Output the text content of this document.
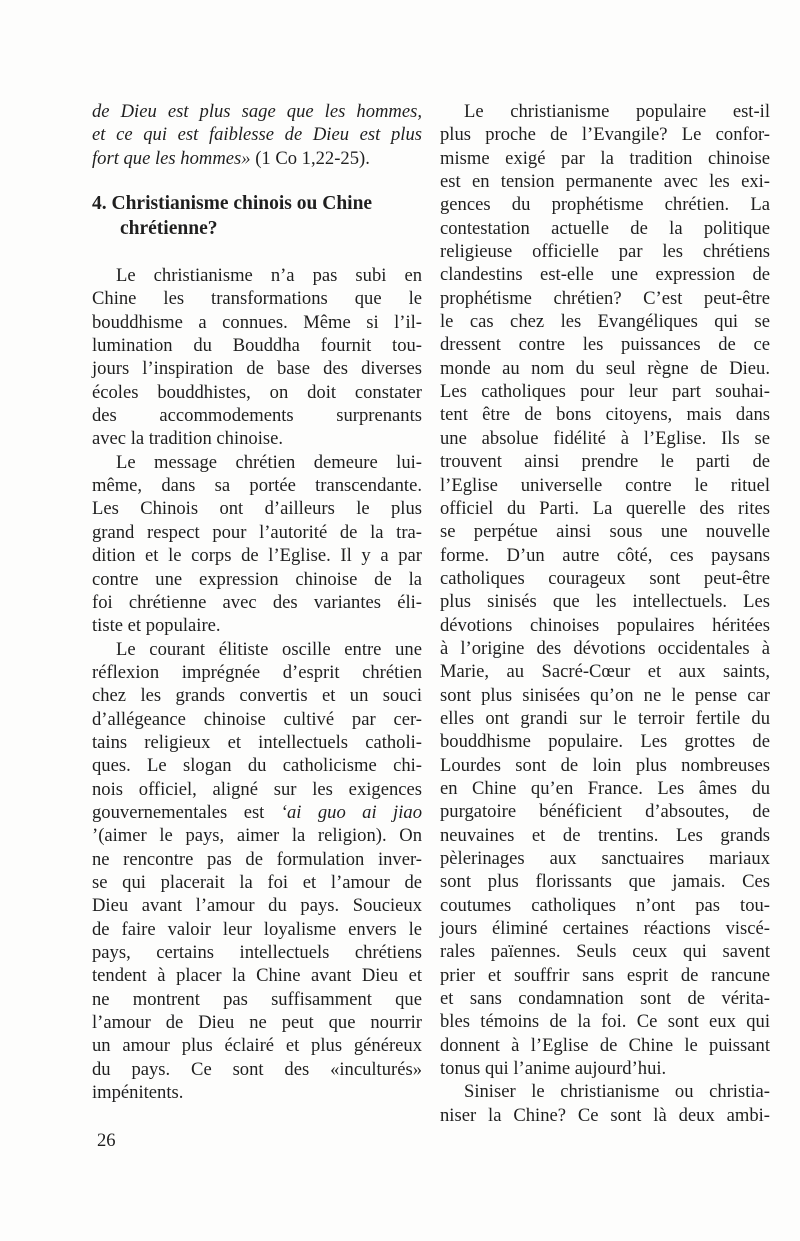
de Dieu est plus sage que les hommes,
et ce qui est faiblesse de Dieu est plus
fort que les hommes» (1 Co 1,22-25).
4. Christianisme chinois ou Chine
chrétienne?
Le christianisme n’a pas subi en
Chine les transformations que le
bouddhisme a connues. Même si l’il-
lumination du Bouddha fournit tou-
jours l’inspiration de base des diverses
écoles bouddhistes, on doit constater
des accommodements surprenants
avec la tradition chinoise.
Le message chrétien demeure lui-
même, dans sa portée transcendante.
Les Chinois ont d’ailleurs le plus
grand respect pour l’autorité de la tra-
dition et le corps de l’Eglise. Il y a par
contre une expression chinoise de la
foi chrétienne avec des variantes éli-
tiste et populaire.
Le courant élitiste oscille entre une
réflexion imprégnée d’esprit chrétien
chez les grands convertis et un souci
d’allégeance chinoise cultivé par cer-
tains religieux et intellectuels catholi-
ques. Le slogan du catholicisme chi-
nois officiel, aligné sur les exigences
gouvernementales est ‘ai guo ai jiao
’(aimer le pays, aimer la religion). On
ne rencontre pas de formulation inver-
se qui placerait la foi et l’amour de
Dieu avant l’amour du pays. Soucieux
de faire valoir leur loyalisme envers le
pays, certains intellectuels chrétiens
tendent à placer la Chine avant Dieu et
ne montrent pas suffisamment que
l’amour de Dieu ne peut que nourrir
un amour plus éclairé et plus généreux
du pays. Ce sont des «inculturés»
impénitents.
Le christianisme populaire est-il
plus proche de l’Evangile? Le confor-
misme exigé par la tradition chinoise
est en tension permanente avec les exi-
gences du prophétisme chrétien. La
contestation actuelle de la politique
religieuse officielle par les chrétiens
clandestins est-elle une expression de
prophétisme chrétien? C’est peut-être
le cas chez les Evangéliques qui se
dressent contre les puissances de ce
monde au nom du seul règne de Dieu.
Les catholiques pour leur part souhai-
tent être de bons citoyens, mais dans
une absolue fidélité à l’Eglise. Ils se
trouvent ainsi prendre le parti de
l’Eglise universelle contre le rituel
officiel du Parti. La querelle des rites
se perpétue ainsi sous une nouvelle
forme. D’un autre côté, ces paysans
catholiques courageux sont peut-être
plus sinisés que les intellectuels. Les
dévotions chinoises populaires héritées
à l’origine des dévotions occidentales à
Marie, au Sacré-Cœur et aux saints,
sont plus sinisées qu’on ne le pense car
elles ont grandi sur le terroir fertile du
bouddhisme populaire. Les grottes de
Lourdes sont de loin plus nombreuses
en Chine qu’en France. Les âmes du
purgatoire bénéficient d’absoutes, de
neuvaines et de trentins. Les grands
pèlerinages aux sanctuaires mariaux
sont plus florissants que jamais. Ces
coutumes catholiques n’ont pas tou-
jours éliminé certaines réactions viscé-
rales païennes. Seuls ceux qui savent
prier et souffrir sans esprit de rancune
et sans condamnation sont de vérita-
bles témoins de la foi. Ce sont eux qui
donnent à l’Eglise de Chine le puissant
tonus qui l’anime aujourd’hui.
Siniser le christianisme ou christia-
niser la Chine? Ce sont là deux ambi-
26
